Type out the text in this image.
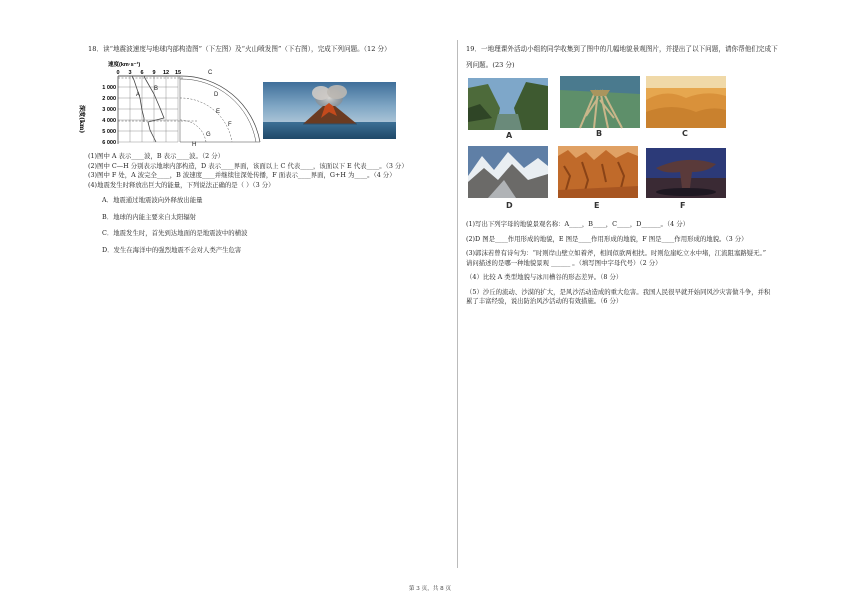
18．读“地震波速度与地球内部构造图”（下左图）及“火山喷发图”（下右图），完成下列问题。（12 分）

速度(km·s⁻¹)
0 3 6 9 12 15
1 000
2 000
3 000
4 000
5 000
6 000
深度(km)
A
B
C
D
E
F
G
H

(1)图中 A 表示____波，B 表示____波。（2 分）

(2)图中 C—H 分别表示地球内部构造，D 表示____界面，该面以上 C 代表____，该面以下 E 代表____。（3 分）

(3)图中 F 处，A 波完全____，B 波速度____并继续往深处传播，F 面表示____界面，G+H 为____。（4 分）

(4)地震发生时释放出巨大的能量，下列说法正确的是（ ）（3 分）

A．地震通过地震波向外释放出能量

B．地球的内能主要来自太阳辐射

C．地震发生时，首先到达地面的是地震波中的横波

D．发生在海洋中的强烈地震不会对人类产生危害

19．一地理课外活动小组的同学收集到了图中的几幅地貌景观图片，并提出了以下问题，请你帮他们完成下

列问题。(23 分)

A	B	C
D	E	F

(1)写出下列字母的地貌景观名称：A____，B____，C____，D______。（4 分）

(2)D 图是____作用形成的地貌，E 图是____作用形成的地貌，F 图是____作用形成的地貌。（3 分）

(3)郭沫若曾有诗句为：“时则岸山壁立如着斧，相间似欲两相扶。时则危崖屹立水中堵，江流阻塞路疑无。”

请问描述的是哪一种地貌景观 ______ 。（填写图中字母代号）（2 分）

（4）比较 A 类型地貌与冰川槽谷的形态差异。（8 分）

（5）沙丘的流动、沙漠的扩大，是风沙活动造成的重大危害。我国人民很早就开始同风沙灾害做斗争，并积

累了丰富经验，说出防治风沙活动的有效措施。（6 分）

第 3 页，共 8 页
